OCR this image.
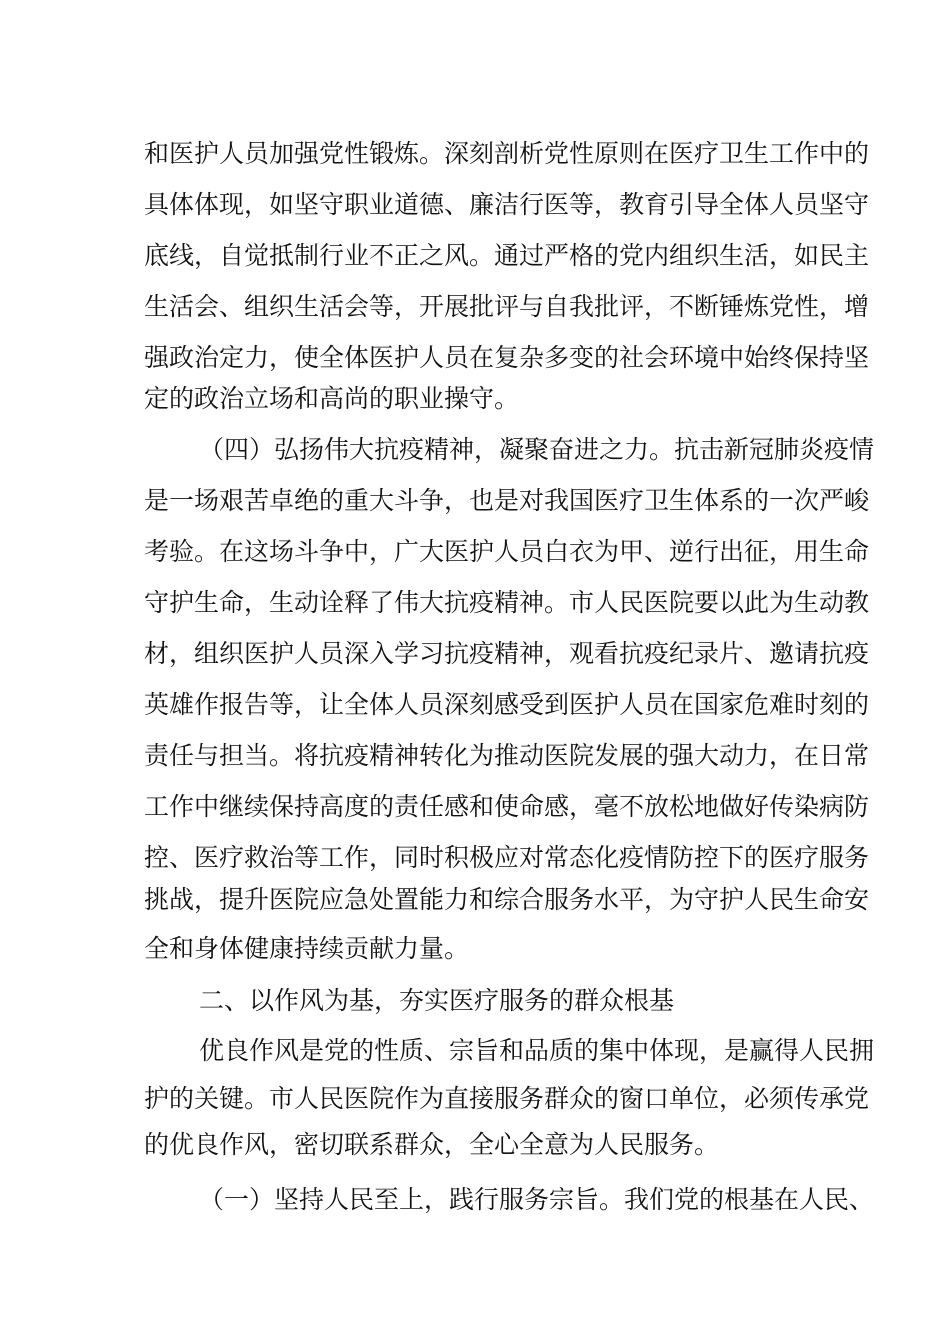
和医护人员加强党性锻炼。深刻剖析党性原则在医疗卫生工作中的
具体体现，如坚守职业道德、廉洁行医等，教育引导全体人员坚守
底线，自觉抵制行业不正之风。通过严格的党内组织生活，如民主
生活会、组织生活会等，开展批评与自我批评，不断锤炼党性，增
强政治定力，使全体医护人员在复杂多变的社会环境中始终保持坚
定的政治立场和高尚的职业操守。
（四）弘扬伟大抗疫精神，凝聚奋进之力。抗击新冠肺炎疫情
是一场艰苦卓绝的重大斗争，也是对我国医疗卫生体系的一次严峻
考验。在这场斗争中，广大医护人员白衣为甲、逆行出征，用生命
守护生命，生动诠释了伟大抗疫精神。市人民医院要以此为生动教
材，组织医护人员深入学习抗疫精神，观看抗疫纪录片、邀请抗疫
英雄作报告等，让全体人员深刻感受到医护人员在国家危难时刻的
责任与担当。将抗疫精神转化为推动医院发展的强大动力，在日常
工作中继续保持高度的责任感和使命感，毫不放松地做好传染病防
控、医疗救治等工作，同时积极应对常态化疫情防控下的医疗服务
挑战，提升医院应急处置能力和综合服务水平，为守护人民生命安
全和身体健康持续贡献力量。
二、以作风为基，夯实医疗服务的群众根基
优良作风是党的性质、宗旨和品质的集中体现，是赢得人民拥
护的关键。市人民医院作为直接服务群众的窗口单位，必须传承党
的优良作风，密切联系群众，全心全意为人民服务。
（一）坚持人民至上，践行服务宗旨。我们党的根基在人民、
